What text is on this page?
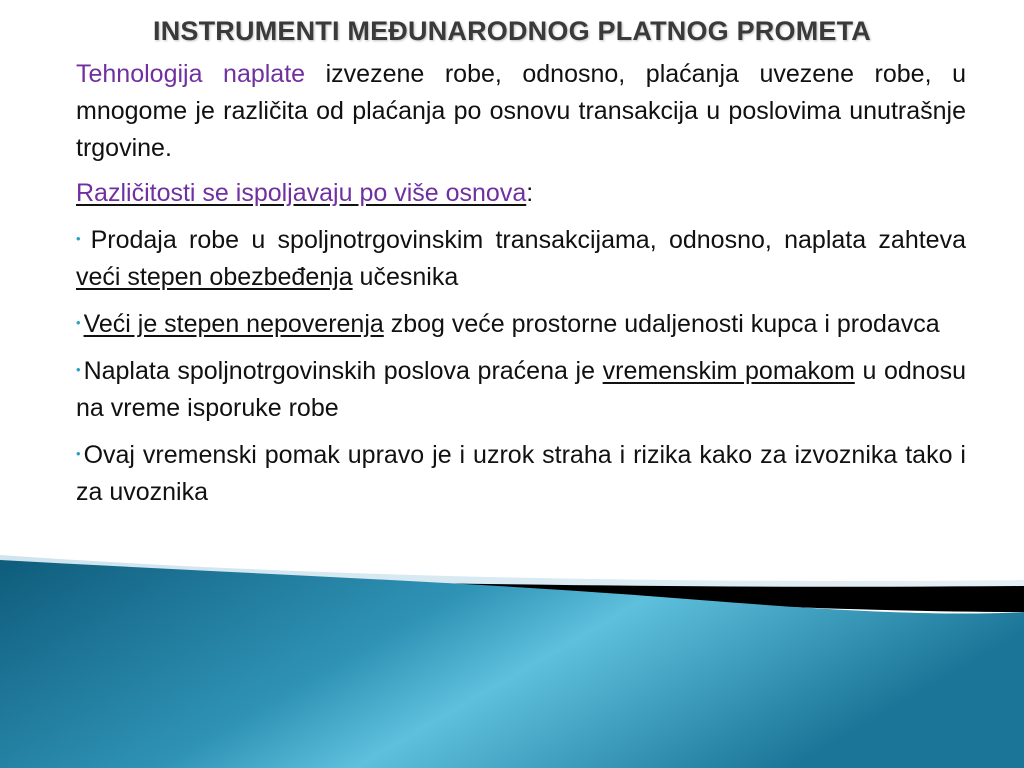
INSTRUMENTI MEĐUNARODNOG PLATNOG PROMETA

Tehnologija naplate izvezene robe, odnosno, plaćanja uvezene robe, u mnogome je različita od plaćanja po osnovu transakcija u poslovima unutrašnje trgovine.

Različitosti se ispoljavaju po više osnova:

• Prodaja robe u spoljnotrgovinskim transakcijama, odnosno, naplata zahteva veći stepen obezbeđenja učesnika

• Veći je stepen nepoverenja zbog veće prostorne udaljenosti kupca i prodavca

• Naplata spoljnotrgovinskih poslova praćena je vremenskim pomakom u odnosu na vreme isporuke robe

• Ovaj vremenski pomak upravo je i uzrok straha i rizika kako za izvoznika tako i za uvoznika
